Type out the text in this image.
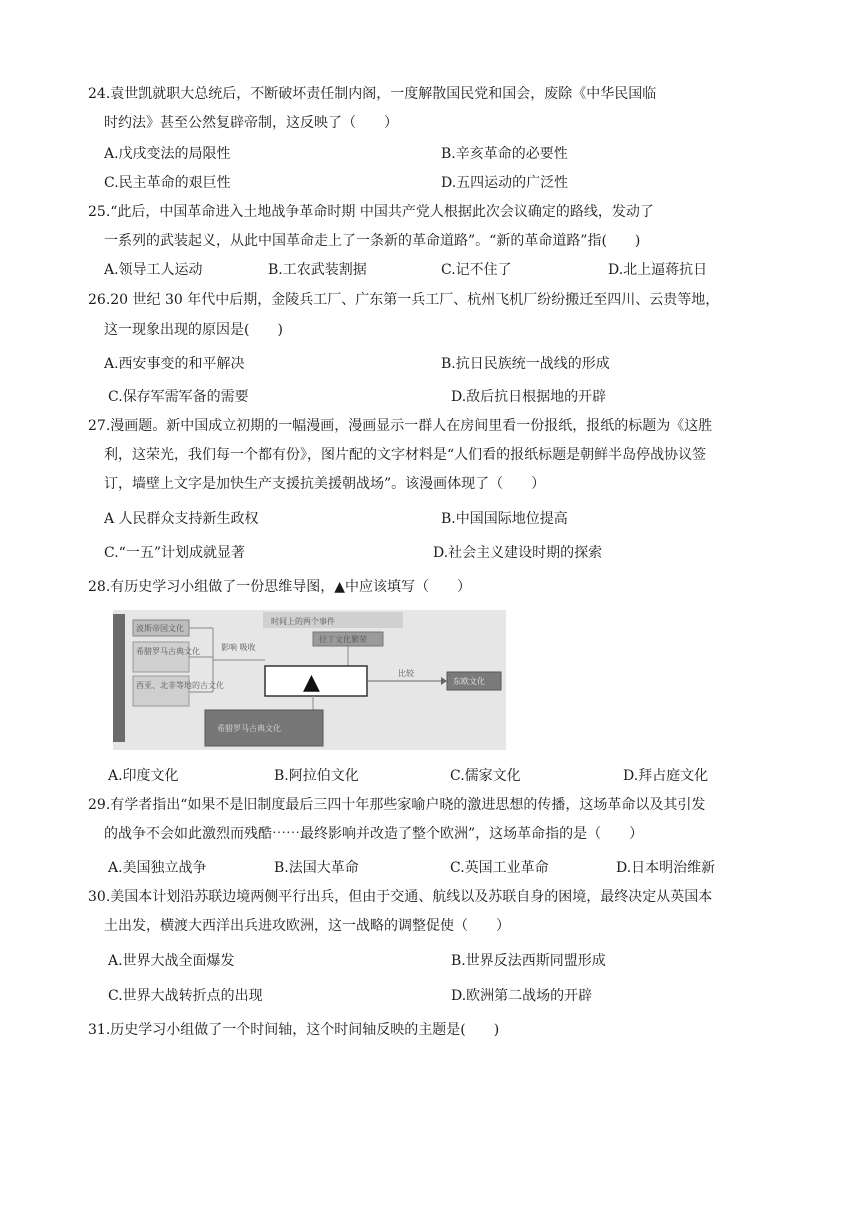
24.袁世凯就职大总统后，不断破坏责任制内阁，一度解散国民党和国会，废除《中华民国临
时约法》甚至公然复辟帝制，这反映了（　　）
A.戊戌变法的局限性	B.辛亥革命的必要性
C.民主革命的艰巨性	D.五四运动的广泛性
25.“此后，中国革命进入土地战争革命时期 中国共产党人根据此次会议确定的路线，发动了
一系列的武装起义，从此中国革命走上了一条新的革命道路”。“新的革命道路”指(　　)
A.领导工人运动	B.工农武装割据	C.记不住了	D.北上逼蒋抗日
26.20 世纪 30 年代中后期，金陵兵工厂、广东第一兵工厂、杭州飞机厂纷纷搬迁至四川、云贵等地，
这一现象出现的原因是(　　)
A.西安事变的和平解决	B.抗日民族统一战线的形成
C.保存军需军备的需要	D.敌后抗日根据地的开辟
27.漫画题。新中国成立初期的一幅漫画，漫画显示一群人在房间里看一份报纸，报纸的标题为《这胜
利，这荣光，我们每一个都有份》，图片配的文字材料是“人们看的报纸标题是朝鲜半岛停战协议签
订，墙壁上文字是加快生产支援抗美援朝战场”。该漫画体现了（　　）
A 人民群众支持新生政权	B.中国国际地位提高
C.“一五”计划成就显著	D.社会主义建设时期的探索
28.有历史学习小组做了一份思维导图，▲中应该填写（　　）
时间上的两个事件
波斯帝国文化
希腊罗马古典文化
西亚、北非等地的古文化
影响 吸收
拉丁文化繁荣
▲	比较
东欧文化
希腊罗马古典文化
A.印度文化	B.阿拉伯文化	C.儒家文化	D.拜占庭文化
29.有学者指出“如果不是旧制度最后三四十年那些家喻户晓的激进思想的传播，这场革命以及其引发
的战争不会如此激烈而残酷⋯⋯最终影响并改造了整个欧洲”，这场革命指的是（　　）
A.美国独立战争	B.法国大革命	C.英国工业革命	D.日本明治维新
30.美国本计划沿苏联边境两侧平行出兵，但由于交通、航线以及苏联自身的困境，最终决定从英国本
土出发，横渡大西洋出兵进攻欧洲，这一战略的调整促使（　　）
A.世界大战全面爆发	B.世界反法西斯同盟形成
C.世界大战转折点的出现	D.欧洲第二战场的开辟
31.历史学习小组做了一个时间轴，这个时间轴反映的主题是(　　)
